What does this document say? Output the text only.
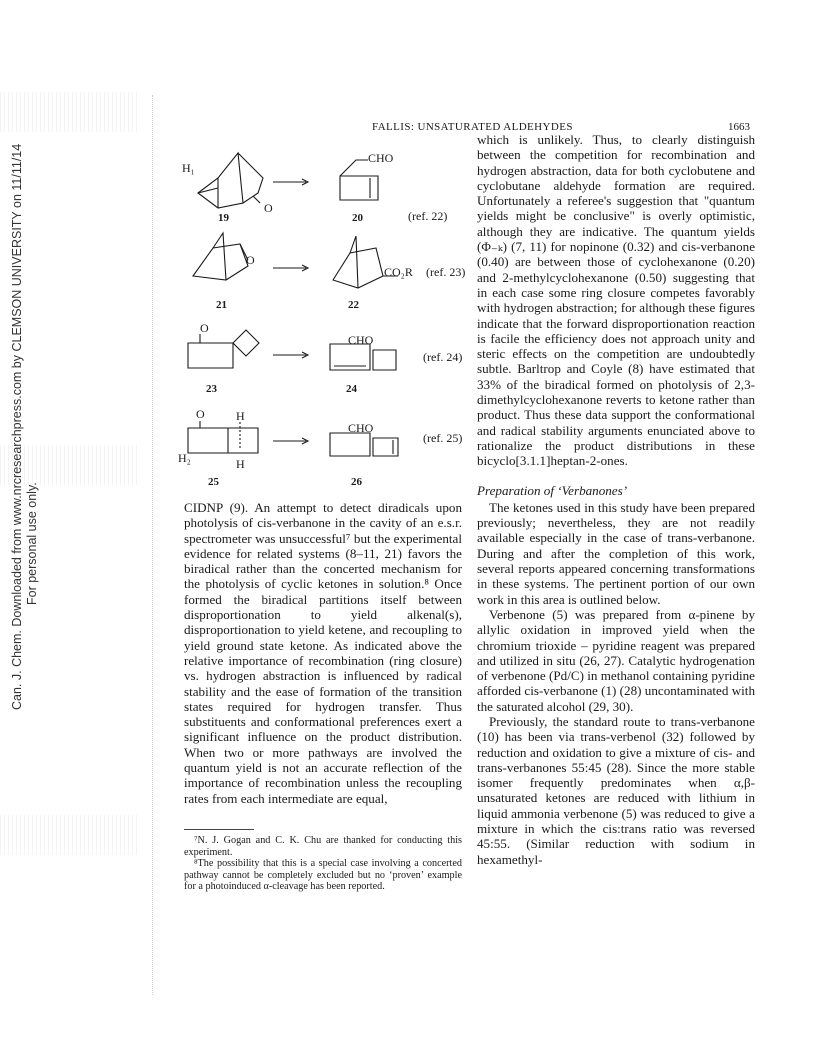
Can. J. Chem. Downloaded from www.nrcresearchpress.com by CLEMSON UNIVERSITY on 11/11/14 For personal use only.
FALLIS: UNSATURATED ALDEHYDES	1663
H₁
O
CHO
(ref. 22)
O
CO₂R (ref. 23)
O
CHO
(ref. 24)
O	H
H
H₂
CHO
(ref. 25)
19	20
21	22
23	24
25	26

CIDNP (9). An attempt to detect diradicals upon photolysis of cis-verbanone in the cavity of an e.s.r. spectrometer was unsuccessful⁷ but the experimental evidence for related systems (8–11, 21) favors the biradical rather than the concerted mechanism for the photolysis of cyclic ketones in solution.⁸ Once formed the biradical partitions itself between disproportionation to yield alkenal(s), disproportionation to yield ketene, and recoupling to yield ground state ketone. As indicated above the relative importance of recombination (ring closure) vs. hydrogen abstraction is influenced by radical stability and the ease of formation of the transition states required for hydrogen transfer. Thus substituents and conformational preferences exert a significant influence on the product distribution. When two or more pathways are involved the quantum yield is not an accurate reflection of the importance of recombination unless the recoupling rates from each intermediate are equal,

⁷N. J. Gogan and C. K. Chu are thanked for conducting this experiment.

⁸The possibility that this is a special case involving a concerted pathway cannot be completely excluded but no ‘proven’ example for a photoinduced α-cleavage has been reported.

which is unlikely. Thus, to clearly distinguish between the competition for recombination and hydrogen abstraction, data for both cyclobutene and cyclobutane aldehyde formation are required. Unfortunately a referee's suggestion that "quantum yields might be conclusive" is overly optimistic, although they are indicative. The quantum yields (Φ₋ₖ) (7, 11) for nopinone (0.32) and cis-verbanone (0.40) are between those of cyclohexanone (0.20) and 2-methylcyclohexanone (0.50) suggesting that in each case some ring closure competes favorably with hydrogen abstraction; for although these figures indicate that the forward disproportionation reaction is facile the efficiency does not approach unity and steric effects on the competition are undoubtedly subtle. Barltrop and Coyle (8) have estimated that 33% of the biradical formed on photolysis of 2,3-dimethylcyclohexanone reverts to ketone rather than product. Thus these data support the conformational and radical stability arguments enunciated above to rationalize the product distributions in these bicyclo[3.1.1]heptan-2-ones.

Preparation of ‘Verbanones’

The ketones used in this study have been prepared previously; nevertheless, they are not readily available especially in the case of trans-verbanone. During and after the completion of this work, several reports appeared concerning transformations in these systems. The pertinent portion of our own work in this area is outlined below.

Verbenone (5) was prepared from α-pinene by allylic oxidation in improved yield when the chromium trioxide – pyridine reagent was prepared and utilized in situ (26, 27). Catalytic hydrogenation of verbenone (Pd/C) in methanol containing pyridine afforded cis-verbanone (1) (28) uncontaminated with the saturated alcohol (29, 30).

Previously, the standard route to trans-verbanone (10) has been via trans-verbenol (32) followed by reduction and oxidation to give a mixture of cis- and trans-verbanones 55:45 (28). Since the more stable isomer frequently predominates when α,β-unsaturated ketones are reduced with lithium in liquid ammonia verbenone (5) was reduced to give a mixture in which the cis:trans ratio was reversed 45:55. (Similar reduction with sodium in hexamethyl-
